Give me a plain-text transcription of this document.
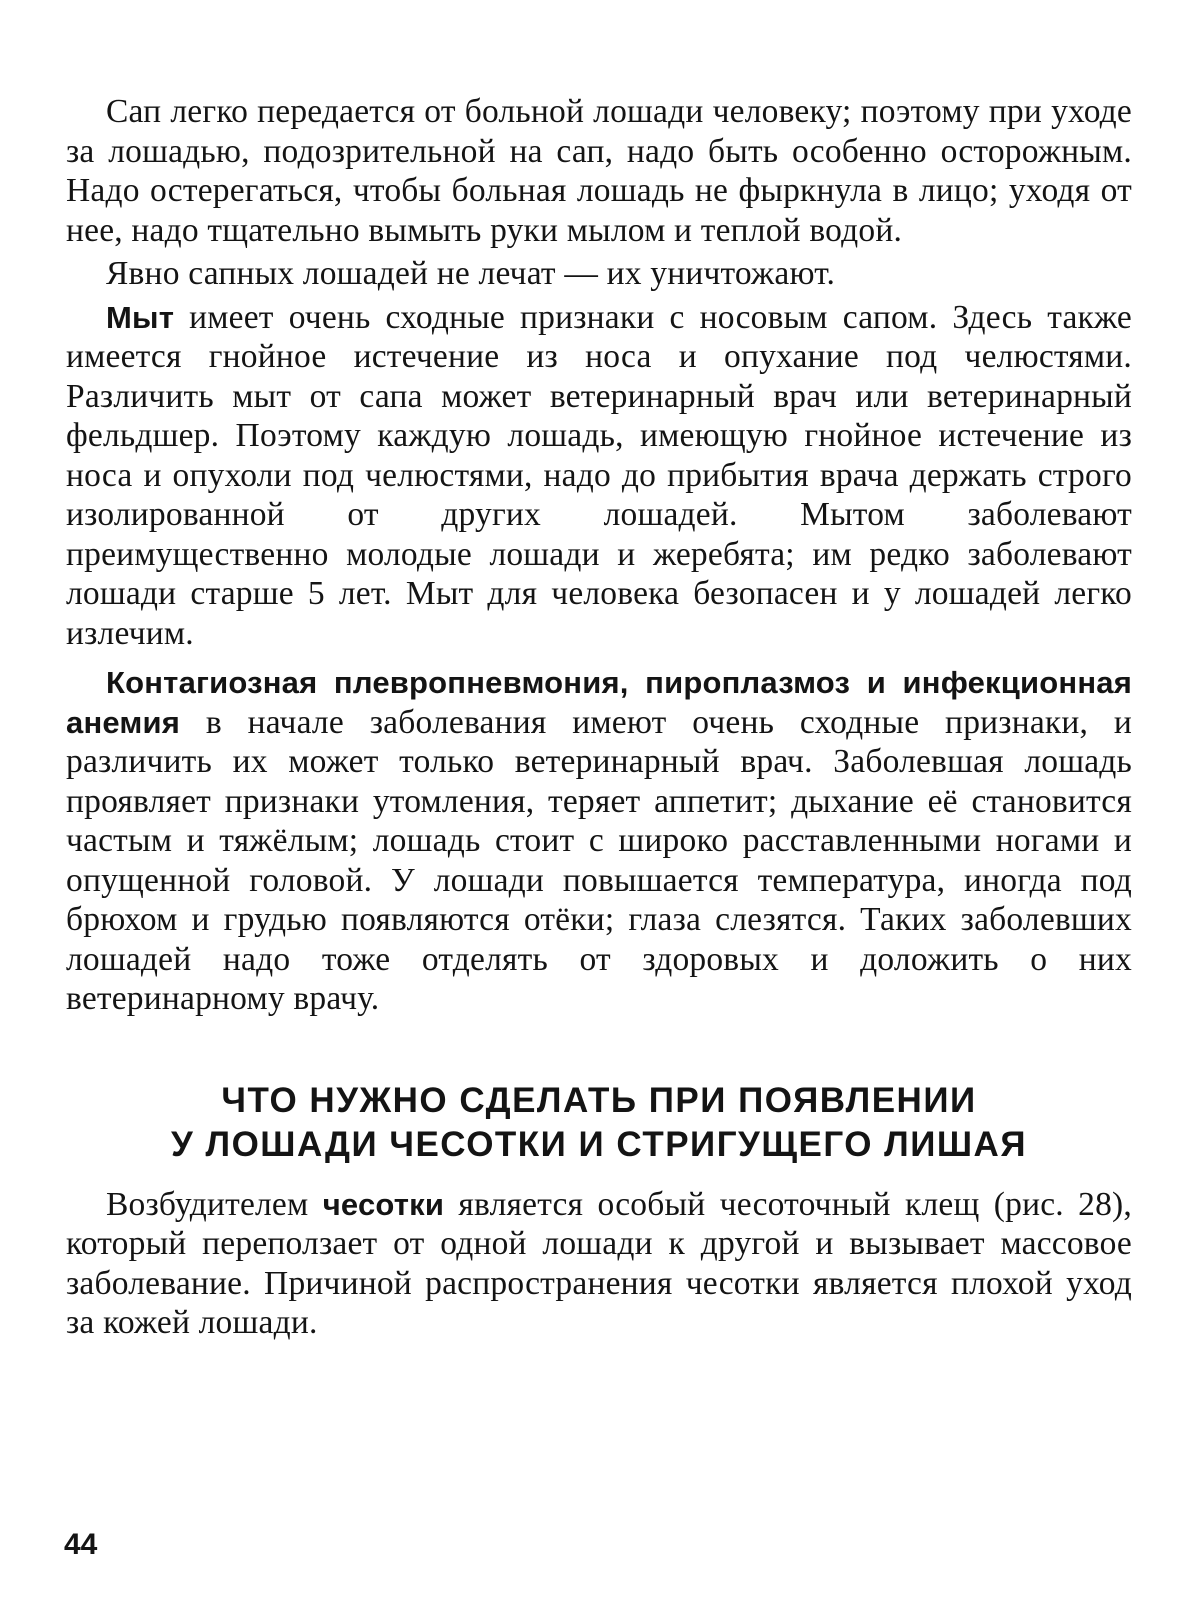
Сап легко передается от больной лошади человеку; поэтому при уходе за лошадью, подозрительной на сап, надо быть особенно осторожным. Надо остерегаться, чтобы больная лошадь не фыркнула в лицо; уходя от нее, надо тщательно вымыть руки мылом и теплой водой.

Явно сапных лошадей не лечат — их уничтожают.

Мыт имеет очень сходные признаки с носовым сапом. Здесь также имеется гнойное истечение из носа и опухание под челюстями. Различить мыт от сапа может ветеринарный врач или ветеринарный фельдшер. Поэтому каждую лошадь, имеющую гнойное истечение из носа и опухоли под челюстями, надо до прибытия врача держать строго изолированной от других лошадей. Мытом заболевают преимущественно молодые лошади и жеребята; им редко заболевают лошади старше 5 лет. Мыт для человека безопасен и у лошадей легко излечим.

Контагиозная плевропневмония, пироплазмоз и инфекционная анемия в начале заболевания имеют очень сходные признаки, и различить их может только ветеринарный врач. Заболевшая лошадь проявляет признаки утомления, теряет аппетит; дыхание её становится частым и тяжёлым; лошадь стоит с широко расставленными ногами и опущенной головой. У лошади повышается температура, иногда под брюхом и грудью появляются отёки; глаза слезятся. Таких заболевших лошадей надо тоже отделять от здоровых и доложить о них ветеринарному врачу.

ЧТО НУЖНО СДЕЛАТЬ ПРИ ПОЯВЛЕНИИ
У ЛОШАДИ ЧЕСОТКИ И СТРИГУЩЕГО ЛИШАЯ

Возбудителем чесотки является особый чесоточный клещ (рис. 28), который переползает от одной лошади к другой и вызывает массовое заболевание. Причиной распространения чесотки является плохой уход за кожей лошади.

44
